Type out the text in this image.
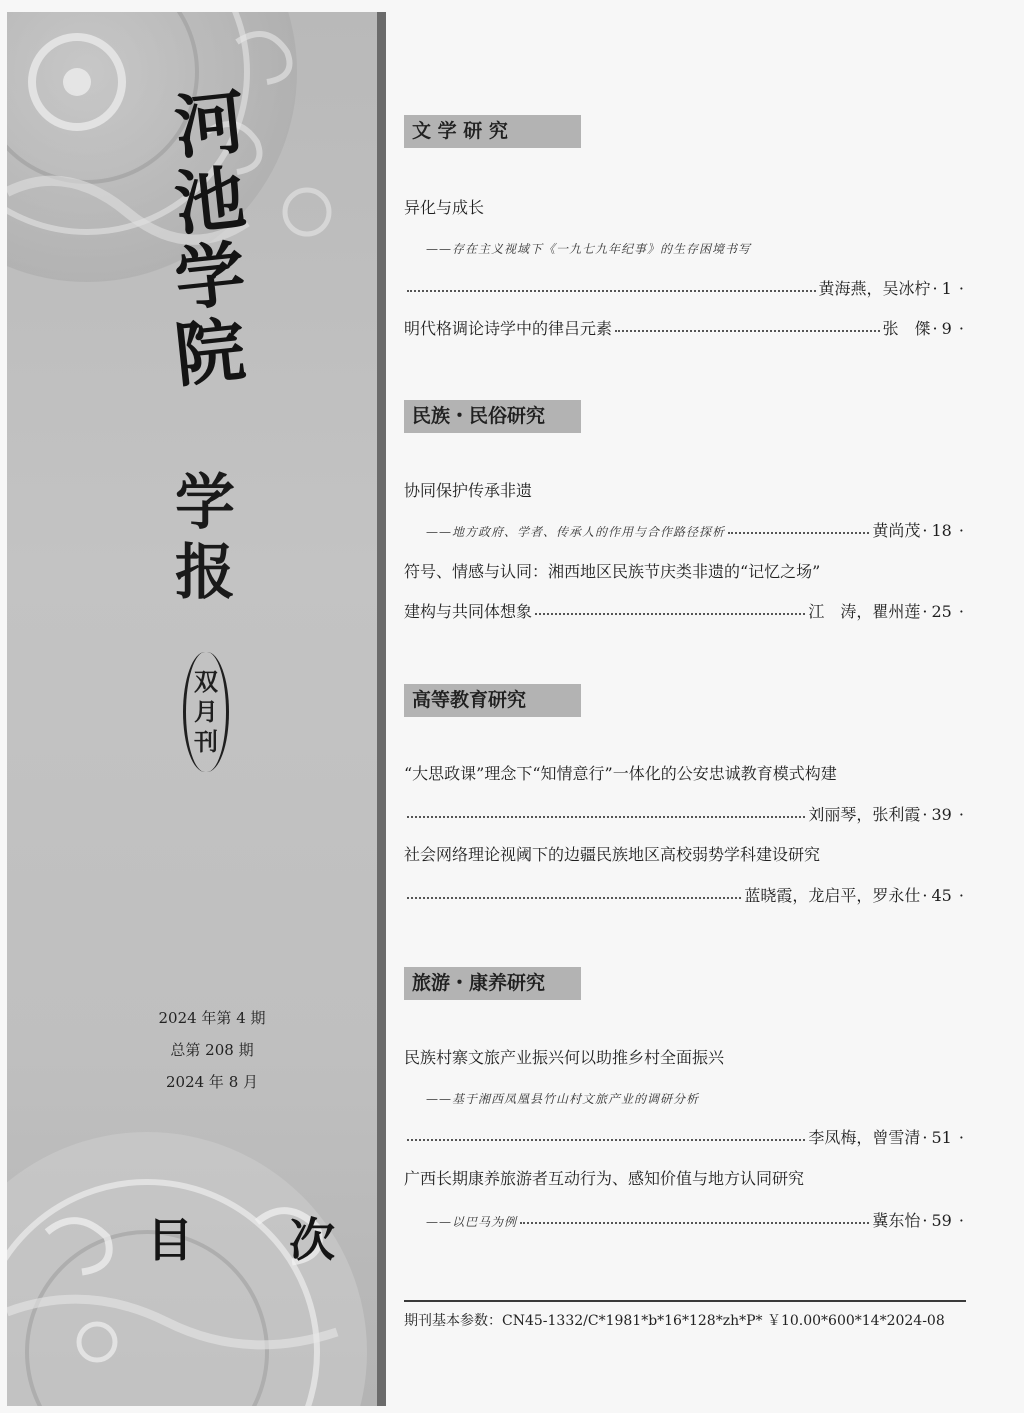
河
池
学
院
学
报
双
月
刊
2024 年第 4 期
总第 208 期
2024 年 8 月
目 次
文 学 研 究
异化与成长
——存在主义视域下《一九七九年纪事》的生存困境书写
黄海燕，吴冰柠 · 1 ·
明代格调论诗学中的律吕元素	张　傑 · 9 ·
民族・民俗研究
协同保护传承非遗
——地方政府、学者、传承人的作用与合作路径探析	黄尚茂 · 18 ·
符号、情感与认同：湘西地区民族节庆类非遗的“记忆之场”
建构与共同体想象	江　涛，瞿州莲 · 25 ·
高等教育研究
“大思政课”理念下“知情意行”一体化的公安忠诚教育模式构建
刘丽琴，张利霞 · 39 ·
社会网络理论视阈下的边疆民族地区高校弱势学科建设研究
蓝晓霞，龙启平，罗永仕 · 45 ·
旅游・康养研究
民族村寨文旅产业振兴何以助推乡村全面振兴
——基于湘西凤凰县竹山村文旅产业的调研分析
李凤梅，曾雪清 · 51 ·
广西长期康养旅游者互动行为、感知价值与地方认同研究
——以巴马为例	冀东怡 · 59 ·
期刊基本参数：CN45-1332/C*1981*b*16*128*zh*P* ￥10.00*600*14*2024-08
